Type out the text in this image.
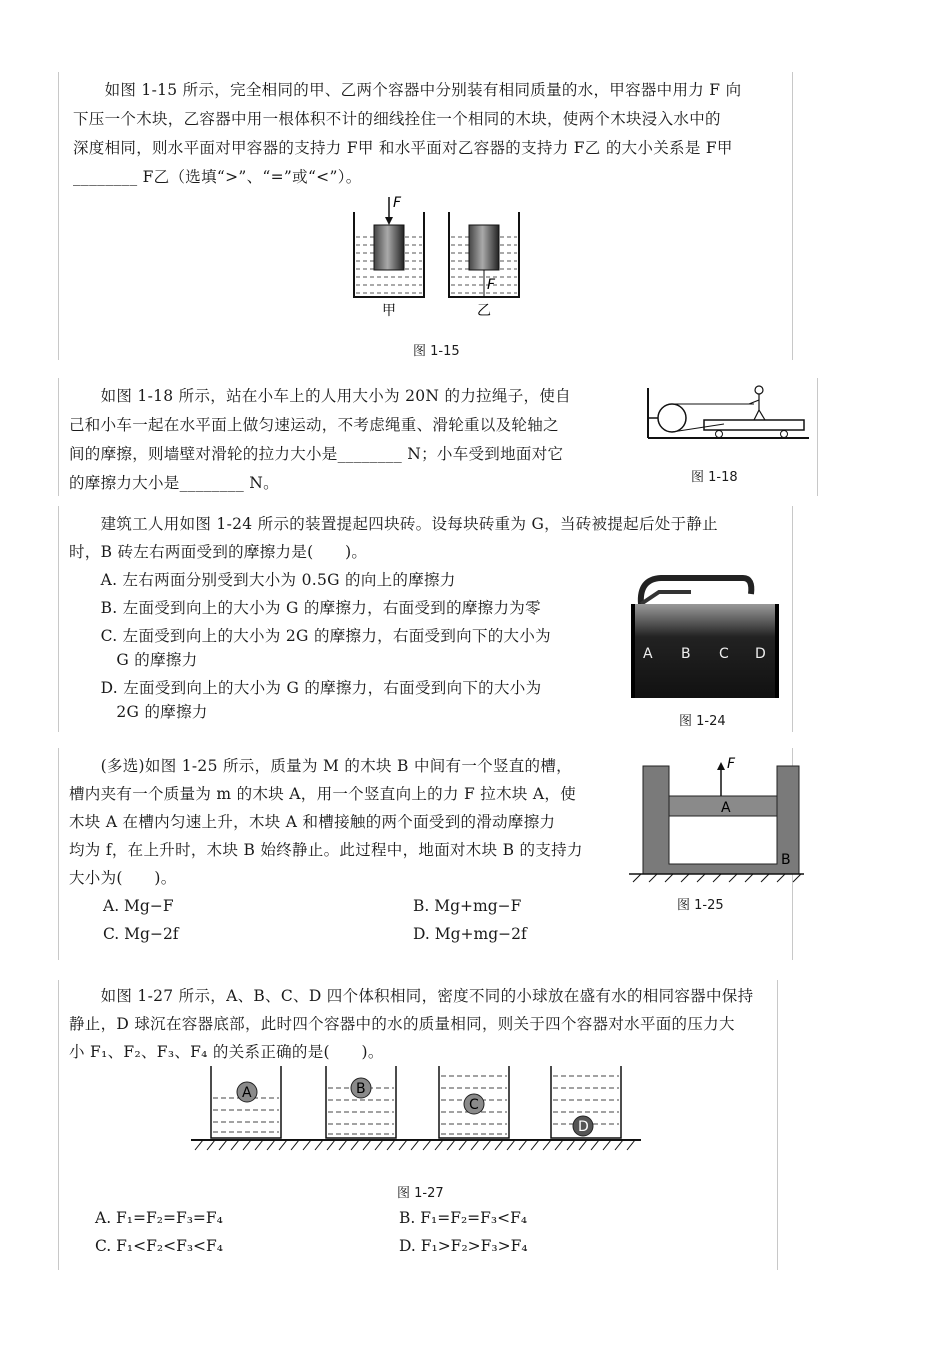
　　如图 1-15 所示，完全相同的甲、乙两个容器中分别装有相同质量的水，甲容器中用力 F 向
下压一个木块，乙容器中用一根体积不计的细线拴住一个相同的木块，使两个木块浸入水中的
深度相同，则水平面对甲容器的支持力 F甲 和水平面对乙容器的支持力 F乙 的大小关系是 F甲
________ F乙（选填“>”、“=”或“<”）。
F
F
甲	乙
图 1-15
　　如图 1-18 所示，站在小车上的人用大小为 20N 的力拉绳子，使自
己和小车一起在水平面上做匀速运动，不考虑绳重、滑轮重以及轮轴之
间的摩擦，则墙壁对滑轮的拉力大小是________ N；小车受到地面对它
的摩擦力大小是________ N。	图 1-18
　　建筑工人用如图 1-24 所示的装置提起四块砖。设每块砖重为 G，当砖被提起后处于静止
时，B 砖左右两面受到的摩擦力是(　　)。
　　A. 左右两面分别受到大小为 0.5G 的向上的摩擦力
　　B. 左面受到向上的大小为 G 的摩擦力，右面受到的摩擦力为零
　　C. 左面受到向上的大小为 2G 的摩擦力，右面受到向下的大小为
　　　G 的摩擦力
　　D. 左面受到向上的大小为 G 的摩擦力，右面受到向下的大小为
　　　2G 的摩擦力
A B C D
图 1-24
　　(多选)如图 1-25 所示，质量为 M 的木块 B 中间有一个竖直的槽，
槽内夹有一个质量为 m 的木块 A，用一个竖直向上的力 F 拉木块 A，使
木块 A 在槽内匀速上升，木块 A 和槽接触的两个面受到的滑动摩擦力
均为 f，在上升时，木块 B 始终静止。此过程中，地面对木块 B 的支持力
大小为(　　)。
A. Mg−F	B. Mg+mg−F
C. Mg−2f	D. Mg+mg−2f
F
A
B
图 1-25
　　如图 1-27 所示，A、B、C、D 四个体积相同，密度不同的小球放在盛有水的相同容器中保持
静止，D 球沉在容器底部，此时四个容器中的水的质量相同，则关于四个容器对水平面的压力大
小 F₁、F₂、F₃、F₄ 的关系正确的是(　　)。
A	B
C
D
图 1-27
A. F₁=F₂=F₃=F₄	B. F₁=F₂=F₃<F₄
C. F₁<F₂<F₃<F₄	D. F₁>F₂>F₃>F₄
